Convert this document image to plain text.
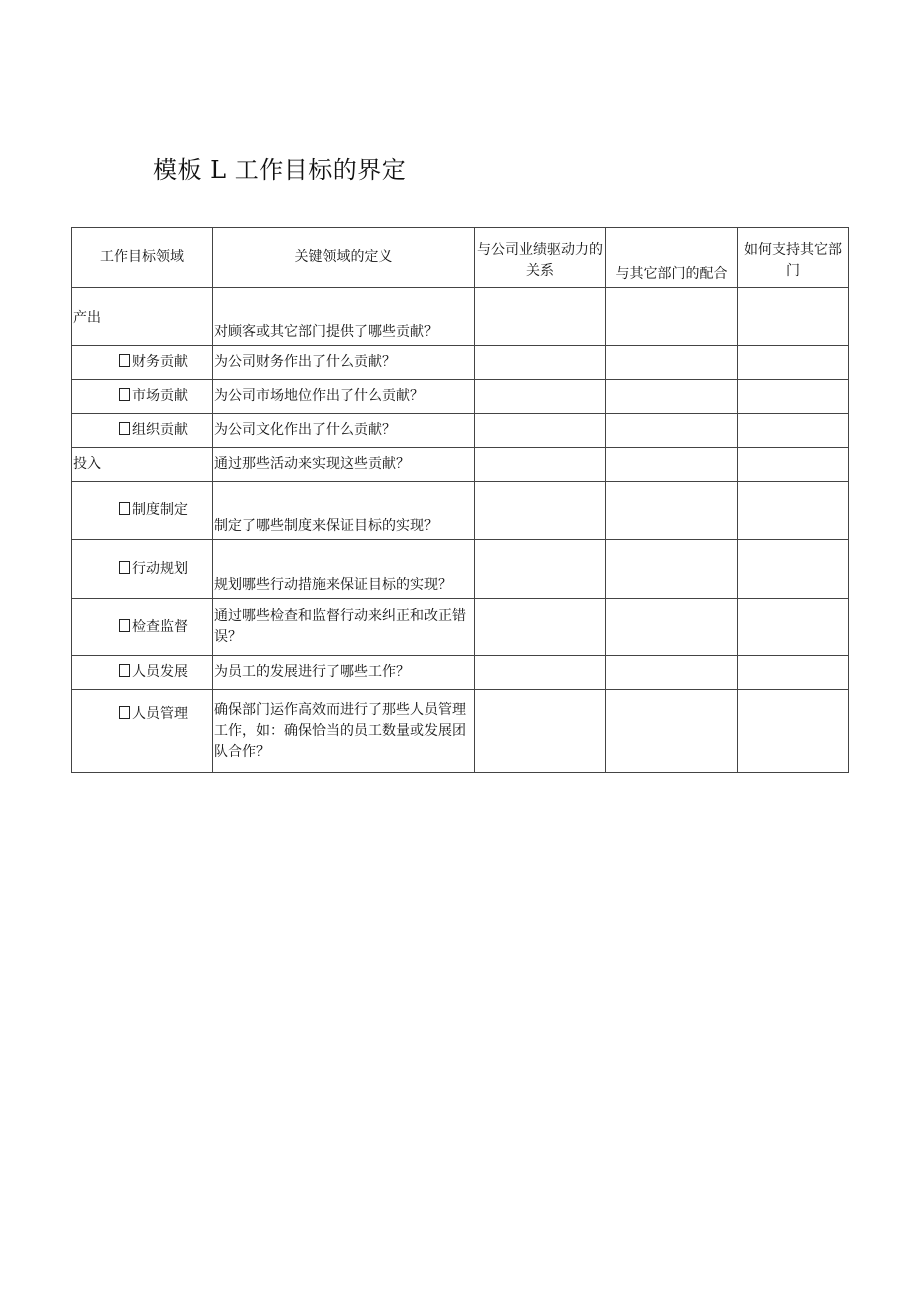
模板 L 工作目标的界定
工作目标领域	关键领域的定义	与公司业绩驱动力的关系	与其它部门的配合	如何支持其它部门
产出	对顾客或其它部门提供了哪些贡献？			
财务贡献	为公司财务作出了什么贡献？			
市场贡献	为公司市场地位作出了什么贡献？			
组织贡献	为公司文化作出了什么贡献？			
投入	通过那些活动来实现这些贡献？			
制度制定	制定了哪些制度来保证目标的实现？			
行动规划	规划哪些行动措施来保证目标的实现？			
检查监督	通过哪些检查和监督行动来纠正和改正错误？			
人员发展	为员工的发展进行了哪些工作？			
人员管理	确保部门运作高效而进行了那些人员管理工作，如：确保恰当的员工数量或发展团队合作？			
